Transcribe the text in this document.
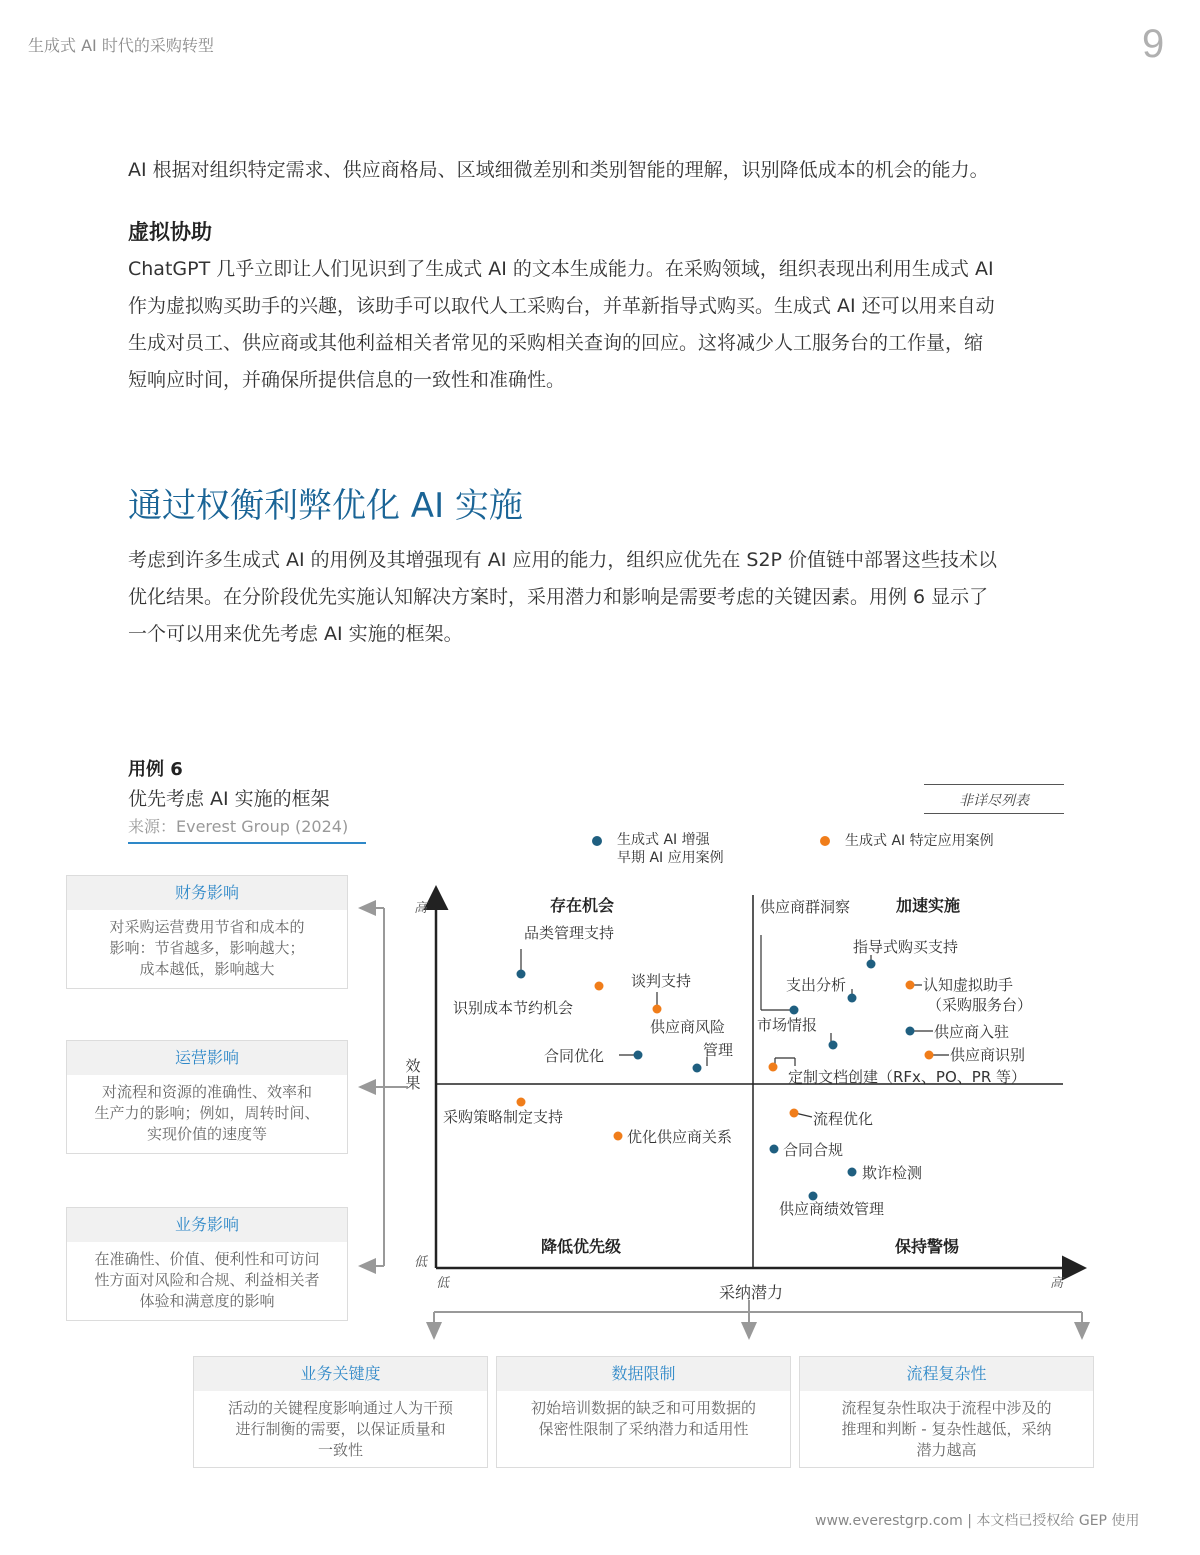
生成式 AI 时代的采购转型	9
AI 根据对组织特定需求、供应商格局、区域细微差别和类别智能的理解，识别降低成本的机会的能力。
虚拟协助
ChatGPT 几乎立即让人们见识到了生成式 AI 的文本生成能力。在采购领域，组织表现出利用生成式 AI
作为虚拟购买助手的兴趣，该助手可以取代人工采购台，并革新指导式购买。生成式 AI 还可以用来自动
生成对员工、供应商或其他利益相关者常见的采购相关查询的回应。这将减少人工服务台的工作量，缩
短响应时间，并确保所提供信息的一致性和准确性。
通过权衡利弊优化 AI 实施
考虑到许多生成式 AI 的用例及其增强现有 AI 应用的能力，组织应优先在 S2P 价值链中部署这些技术以
优化结果。在分阶段优先实施认知解决方案时，采用潜力和影响是需要考虑的关键因素。用例 6 显示了
一个可以用来优先考虑 AI 实施的框架。
用例 6
优先考虑 AI 实施的框架
来源：Everest Group (2024)
非详尽列表
生成式 AI 增强
早期 AI 应用案例
生成式 AI 特定应用案例
财务影响
对采购运营费用节省和成本的
影响：节省越多，影响越大；
成本越低，影响越大
运营影响
对流程和资源的准确性、效率和
生产力的影响；例如，周转时间、
实现价值的速度等
业务影响
在准确性、价值、便利性和可访问
性方面对风险和合规、利益相关者
体验和满意度的影响
业务关键度
活动的关键程度影响通过人为干预
进行制衡的需要，以保证质量和
一致性
数据限制
初始培训数据的缺乏和可用数据的
保密性限制了采纳潜力和适用性
流程复杂性
流程复杂性取决于流程中涉及的
推理和判断 - 复杂性越低，采纳
潜力越高
高
低
效果
低	高
采纳潜力
存在机会	加速实施
降低优先级	保持警惕
品类管理支持
谈判支持
识别成本节约机会
供应商风险
管理
合同优化
供应商群洞察
指导式购买支持
支出分析	认知虚拟助手
（采购服务台）
市场情报	供应商入驻
供应商识别
定制文档创建（RFx、PO、PR 等）
采购策略制定支持
优化供应商关系
流程优化
合同合规
欺诈检测
供应商绩效管理
www.everestgrp.com | 本文档已授权给 GEP 使用
